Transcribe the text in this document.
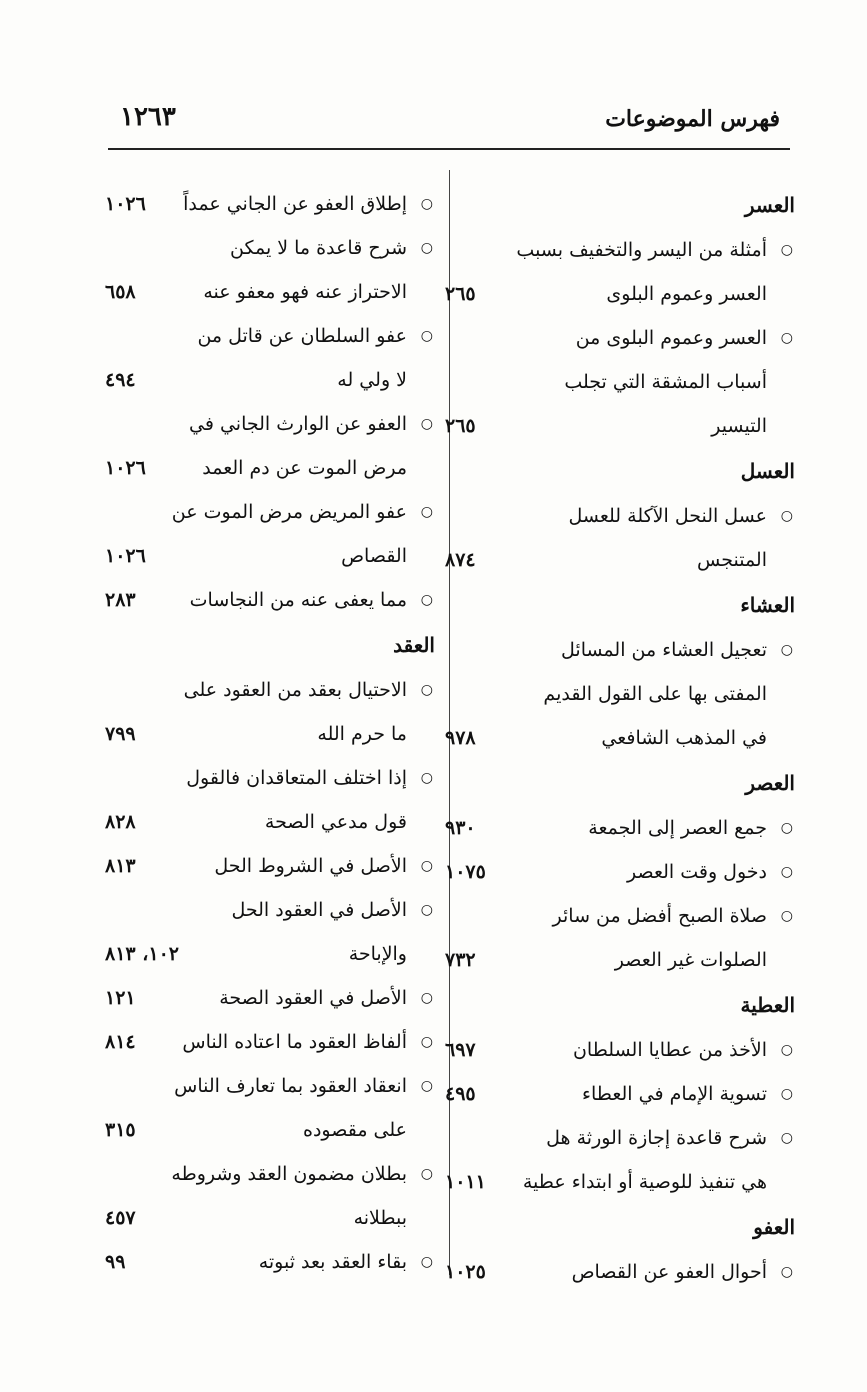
فهرس الموضوعات
١٢٦٣
العسر
○
أمثلة من اليسر والتخفيف بسبب
العسر وعموم البلوى
٢٦٥
○
العسر وعموم البلوى من
أسباب المشقة التي تجلب
التيسير
٢٦٥
العسل
○
عسل النحل الآكلة للعسل
المتنجس
٨٧٤
العشاء
○
تعجيل العشاء من المسائل
المفتى بها على القول القديم
في المذهب الشافعي
٩٧٨
العصر
○
جمع العصر إلى الجمعة
٩٣٠
○
دخول وقت العصر
١٠٧٥
○
صلاة الصبح أفضل من سائر
الصلوات غير العصر
٧٣٢
العطية
○
الأخذ من عطايا السلطان
٦٩٧
○
تسوية الإمام في العطاء
٤٩٥
○
شرح قاعدة إجازة الورثة هل
هي تنفيذ للوصية أو ابتداء عطية
١٠١١
العفو
○
أحوال العفو عن القصاص
١٠٢٥
○
إطلاق العفو عن الجاني عمداً
١٠٢٦
○
شرح قاعدة ما لا يمكن
الاحتراز عنه فهو معفو عنه
٦٥٨
○
عفو السلطان عن قاتل من
لا ولي له
٤٩٤
○
العفو عن الوارث الجاني في
مرض الموت عن دم العمد
١٠٢٦
○
عفو المريض مرض الموت عن
القصاص
١٠٢٦
○
مما يعفى عنه من النجاسات
٢٨٣
العقد
○
الاحتيال بعقد من العقود على
ما حرم الله
٧٩٩
○
إذا اختلف المتعاقدان فالقول
قول مدعي الصحة
٨٢٨
○
الأصل في الشروط الحل
٨١٣
○
الأصل في العقود الحل
والإباحة
١٠٢، ٨١٣
○
الأصل في العقود الصحة
١٢١
○
ألفاظ العقود ما اعتاده الناس
٨١٤
○
انعقاد العقود بما تعارف الناس
على مقصوده
٣١٥
○
بطلان مضمون العقد وشروطه
ببطلانه
٤٥٧
○
بقاء العقد بعد ثبوته
٩٩
